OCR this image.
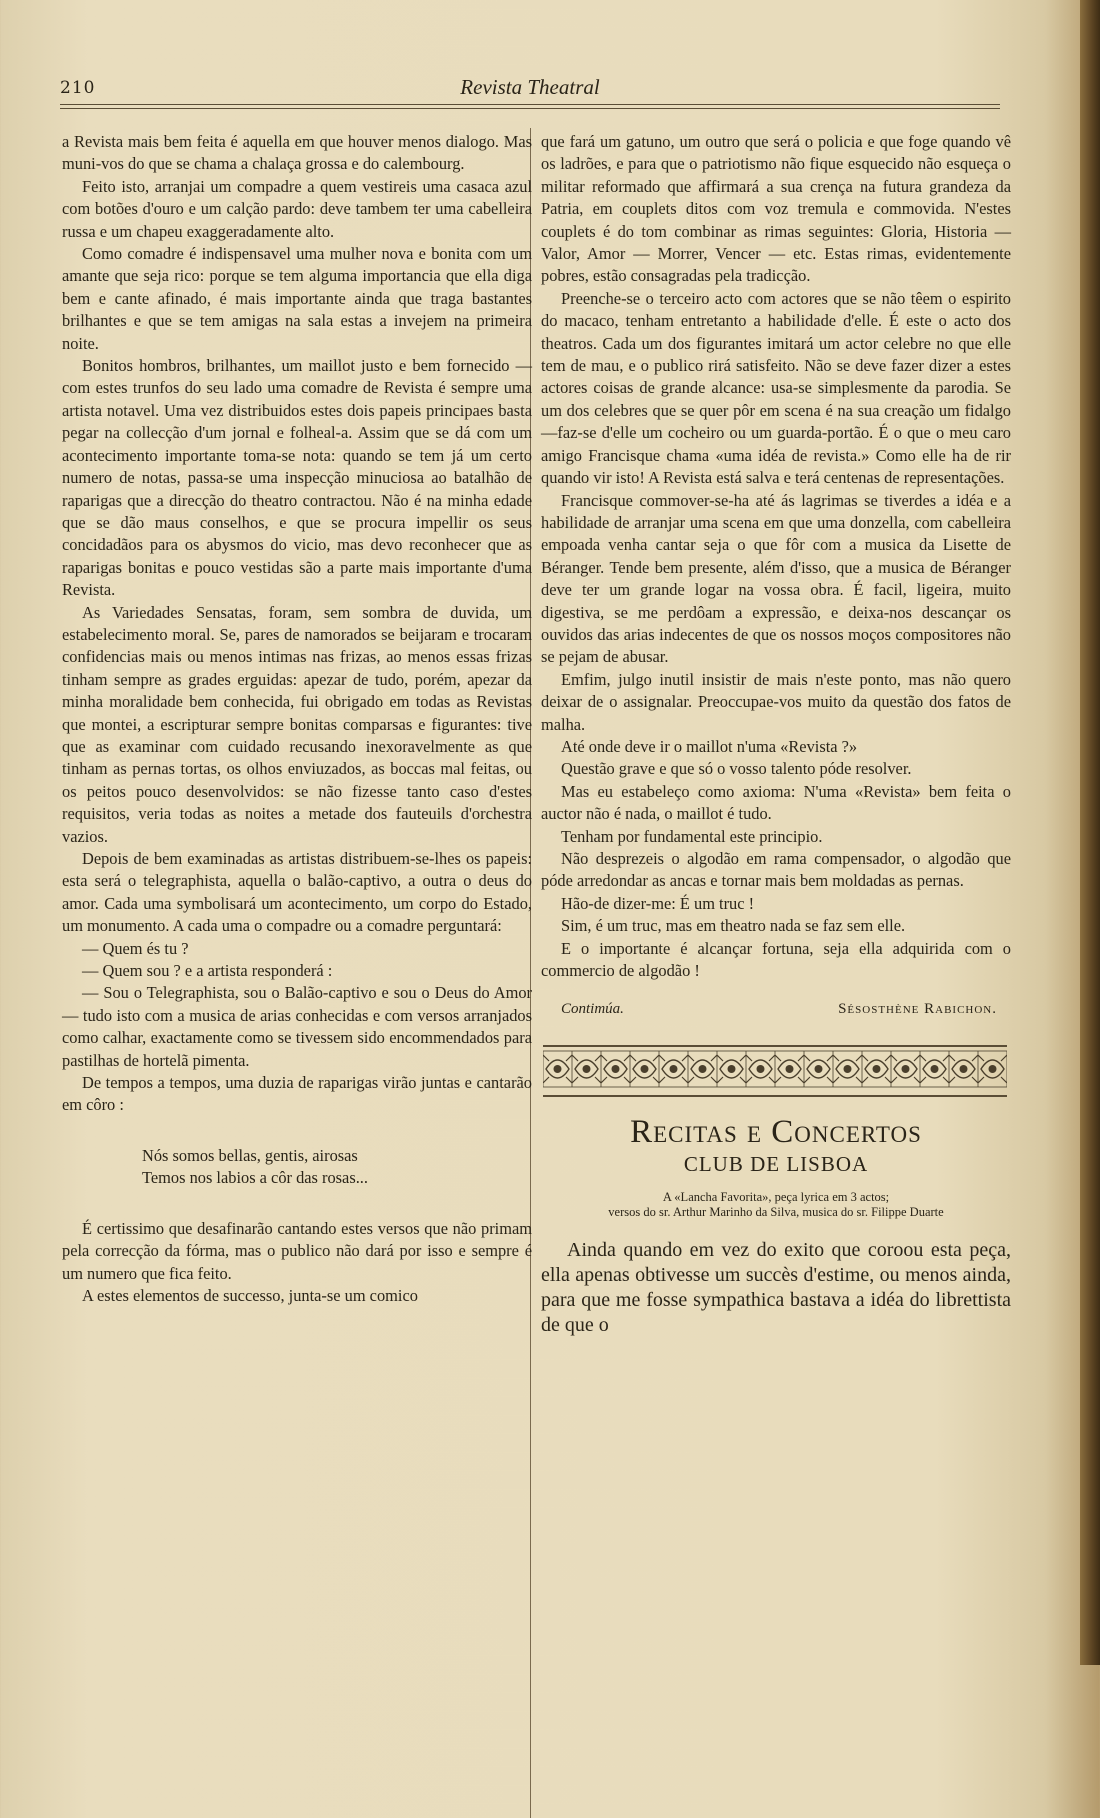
210	Revista Theatral

a Revista mais bem feita é aquella em que houver menos dialogo. Mas muni-vos do que se chama a chalaça grossa e do calembourg.

Feito isto, arranjai um compadre a quem vestireis uma casaca azul com botões d'ouro e um calção pardo: deve tambem ter uma cabelleira russa e um chapeu exaggeradamente alto.

Como comadre é indispensavel uma mulher nova e bonita com um amante que seja rico: porque se tem alguma importancia que ella diga bem e cante afinado, é mais importante ainda que traga bastantes brilhantes e que se tem amigas na sala estas a invejem na primeira noite.

Bonitos hombros, brilhantes, um maillot justo e bem fornecido — com estes trunfos do seu lado uma comadre de Revista é sempre uma artista notavel. Uma vez distribuidos estes dois papeis principaes basta pegar na collecção d'um jornal e folheal-a. Assim que se dá com um acontecimento importante toma-se nota: quando se tem já um certo numero de notas, passa-se uma inspecção minuciosa ao batalhão de raparigas que a direcção do theatro contractou. Não é na minha edade que se dão maus conselhos, e que se procura impellir os seus concidadãos para os abysmos do vicio, mas devo reconhecer que as raparigas bonitas e pouco vestidas são a parte mais importante d'uma Revista.

As Variedades Sensatas, foram, sem sombra de duvida, um estabelecimento moral. Se, pares de namorados se beijaram e trocaram confidencias mais ou menos intimas nas frizas, ao menos essas frizas tinham sempre as grades erguidas: apezar de tudo, porém, apezar da minha moralidade bem conhecida, fui obrigado em todas as Revistas que montei, a escripturar sempre bonitas comparsas e figurantes: tive que as examinar com cuidado recusando inexoravelmente as que tinham as pernas tortas, os olhos enviuzados, as boccas mal feitas, ou os peitos pouco desenvolvidos: se não fizesse tanto caso d'estes requisitos, veria todas as noites a metade dos fauteuils d'orchestra vazios.

Depois de bem examinadas as artistas distribuem-se-lhes os papeis: esta será o telegraphista, aquella o balão-captivo, a outra o deus do amor. Cada uma symbolisará um acontecimento, um corpo do Estado, um monumento. A cada uma o compadre ou a comadre perguntará:

— Quem és tu ?

— Quem sou ? e a artista responderá :

— Sou o Telegraphista, sou o Balão-captivo e sou o Deus do Amor — tudo isto com a musica de arias conhecidas e com versos arranjados como calhar, exactamente como se tivessem sido encommendados para pastilhas de hortelã pimenta.

De tempos a tempos, uma duzia de raparigas virão juntas e cantarão em côro :

Nós somos bellas, gentis, airosas
Temos nos labios a côr das rosas...

É certissimo que desafinarão cantando estes versos que não primam pela correcção da fórma, mas o publico não dará por isso e sempre é um numero que fica feito.

A estes elementos de successo, junta-se um comico

que fará um gatuno, um outro que será o policia e que foge quando vê os ladrões, e para que o patriotismo não fique esquecido não esqueça o militar reformado que affirmará a sua crença na futura grandeza da Patria, em couplets ditos com voz tremula e commovida. N'estes couplets é do tom combinar as rimas seguintes: Gloria, Historia — Valor, Amor — Morrer, Vencer — etc. Estas rimas, evidentemente pobres, estão consagradas pela tradicção.

Preenche-se o terceiro acto com actores que se não têem o espirito do macaco, tenham entretanto a habilidade d'elle. É este o acto dos theatros. Cada um dos figurantes imitará um actor celebre no que elle tem de mau, e o publico rirá satisfeito. Não se deve fazer dizer a estes actores coisas de grande alcance: usa-se simplesmente da parodia. Se um dos celebres que se quer pôr em scena é na sua creação um fidalgo—faz-se d'elle um cocheiro ou um guarda-portão. É o que o meu caro amigo Francisque chama «uma idéa de revista.» Como elle ha de rir quando vir isto! A Revista está salva e terá centenas de representações.

Francisque commover-se-ha até ás lagrimas se tiverdes a idéa e a habilidade de arranjar uma scena em que uma donzella, com cabelleira empoada venha cantar seja o que fôr com a musica da Lisette de Béranger. Tende bem presente, além d'isso, que a musica de Béranger deve ter um grande logar na vossa obra. É facil, ligeira, muito digestiva, se me perdôam a expressão, e deixa-nos descançar os ouvidos das arias indecentes de que os nossos moços compositores não se pejam de abusar.

Emfim, julgo inutil insistir de mais n'este ponto, mas não quero deixar de o assignalar. Preoccupae-vos muito da questão dos fatos de malha.

Até onde deve ir o maillot n'uma «Revista ?»

Questão grave e que só o vosso talento póde resolver.

Mas eu estabeleço como axioma: N'uma «Revista» bem feita o auctor não é nada, o maillot é tudo.

Tenham por fundamental este principio.

Não desprezeis o algodão em rama compensador, o algodão que póde arredondar as ancas e tornar mais bem moldadas as pernas.

Hão-de dizer-me: É um truc !

Sim, é um truc, mas em theatro nada se faz sem elle.

E o importante é alcançar fortuna, seja ella adquirida com o commercio de algodão !

Contimúa.	Sésosthène Rabichon.
Recitas e Concertos
CLUB DE LISBOA
A «Lancha Favorita», peça lyrica em 3 actos;
versos do sr. Arthur Marinho da Silva, musica do sr. Filippe Duarte
Ainda quando em vez do exito que coroou esta peça, ella apenas obtivesse um succès d'estime, ou menos ainda, para que me fosse sympathica bastava a idéa do librettista de que o
